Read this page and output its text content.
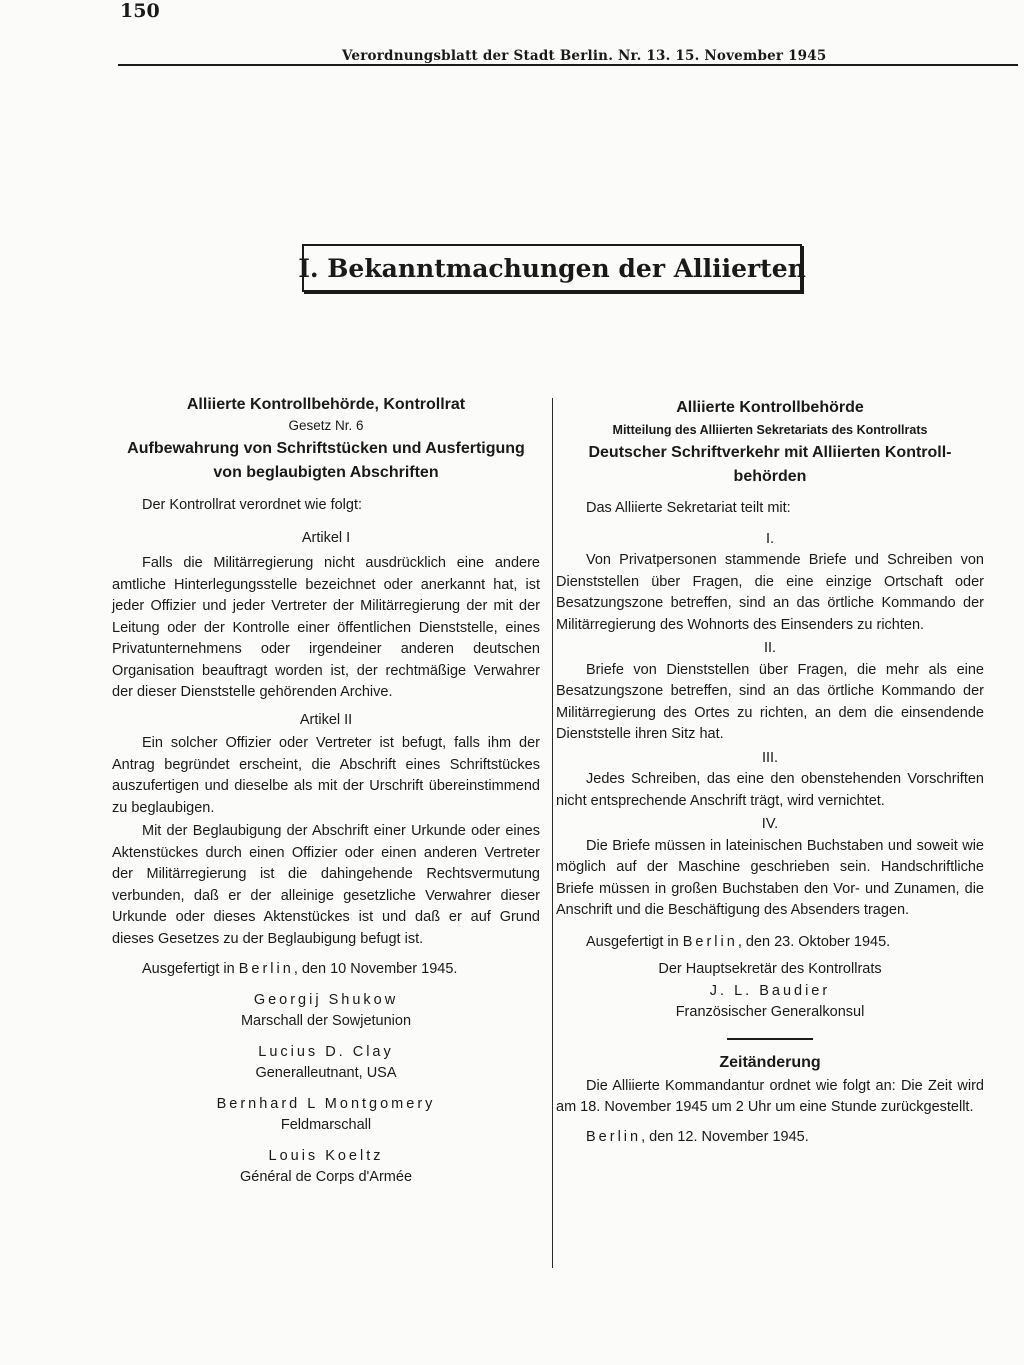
150
Verordnungsblatt der Stadt Berlin. Nr. 13. 15. November 1945
I. Bekanntmachungen der Alliierten

Alliierte Kontrollbehörde, Kontrollrat

Gesetz Nr. 6

Aufbewahrung von Schriftstücken und Ausfertigung

von beglaubigten Abschriften

Der Kontrollrat verordnet wie folgt:

Artikel I

Falls die Militärregierung nicht ausdrücklich eine andere amtliche Hinterlegungsstelle bezeichnet oder anerkannt hat, ist jeder Offizier und jeder Vertreter der Militärregierung der mit der Leitung oder der Kontrolle einer öffentlichen Dienststelle, eines Privatunternehmens oder irgendeiner anderen deutschen Organisation beauftragt worden ist, der rechtmäßige Verwahrer der dieser Dienststelle gehörenden Archive.

Artikel II

Ein solcher Offizier oder Vertreter ist befugt, falls ihm der Antrag begründet erscheint, die Abschrift eines Schriftstückes auszufertigen und dieselbe als mit der Urschrift übereinstimmend zu beglaubigen.

Mit der Beglaubigung der Abschrift einer Urkunde oder eines Aktenstückes durch einen Offizier oder einen anderen Vertreter der Militärregierung ist die dahingehende Rechtsvermutung verbunden, daß er der alleinige gesetzliche Verwahrer dieser Urkunde oder dieses Aktenstückes ist und daß er auf Grund dieses Gesetzes zu der Beglaubigung befugt ist.

Ausgefertigt in Berlin, den 10 November 1945.

Georgij Shukow

Marschall der Sowjetunion

Lucius D. Clay

Generalleutnant, USA

Bernhard L Montgomery

Feldmarschall

Louis Koeltz

Général de Corps d'Armée

Alliierte Kontrollbehörde

Mitteilung des Alliierten Sekretariats des Kontrollrats

Deutscher Schriftverkehr mit Alliierten Kontroll-

behörden

Das Alliierte Sekretariat teilt mit:

I.

Von Privatpersonen stammende Briefe und Schreiben von Dienststellen über Fragen, die eine einzige Ortschaft oder Besatzungszone betreffen, sind an das örtliche Kommando der Militärregierung des Wohnorts des Einsenders zu richten.

II.

Briefe von Dienststellen über Fragen, die mehr als eine Besatzungszone betreffen, sind an das örtliche Kommando der Militärregierung des Ortes zu richten, an dem die einsendende Dienststelle ihren Sitz hat.

III.

Jedes Schreiben, das eine den obenstehenden Vorschriften nicht entsprechende Anschrift trägt, wird vernichtet.

IV.

Die Briefe müssen in lateinischen Buchstaben und soweit wie möglich auf der Maschine geschrieben sein. Handschriftliche Briefe müssen in großen Buchstaben den Vor- und Zunamen, die Anschrift und die Beschäftigung des Absenders tragen.

Ausgefertigt in Berlin, den 23. Oktober 1945.

Der Hauptsekretär des Kontrollrats

J. L. Baudier

Französischer Generalkonsul

Zeitänderung

Die Alliierte Kommandantur ordnet wie folgt an: Die Zeit wird am 18. November 1945 um 2 Uhr um eine Stunde zurückgestellt.

Berlin, den 12. November 1945.
